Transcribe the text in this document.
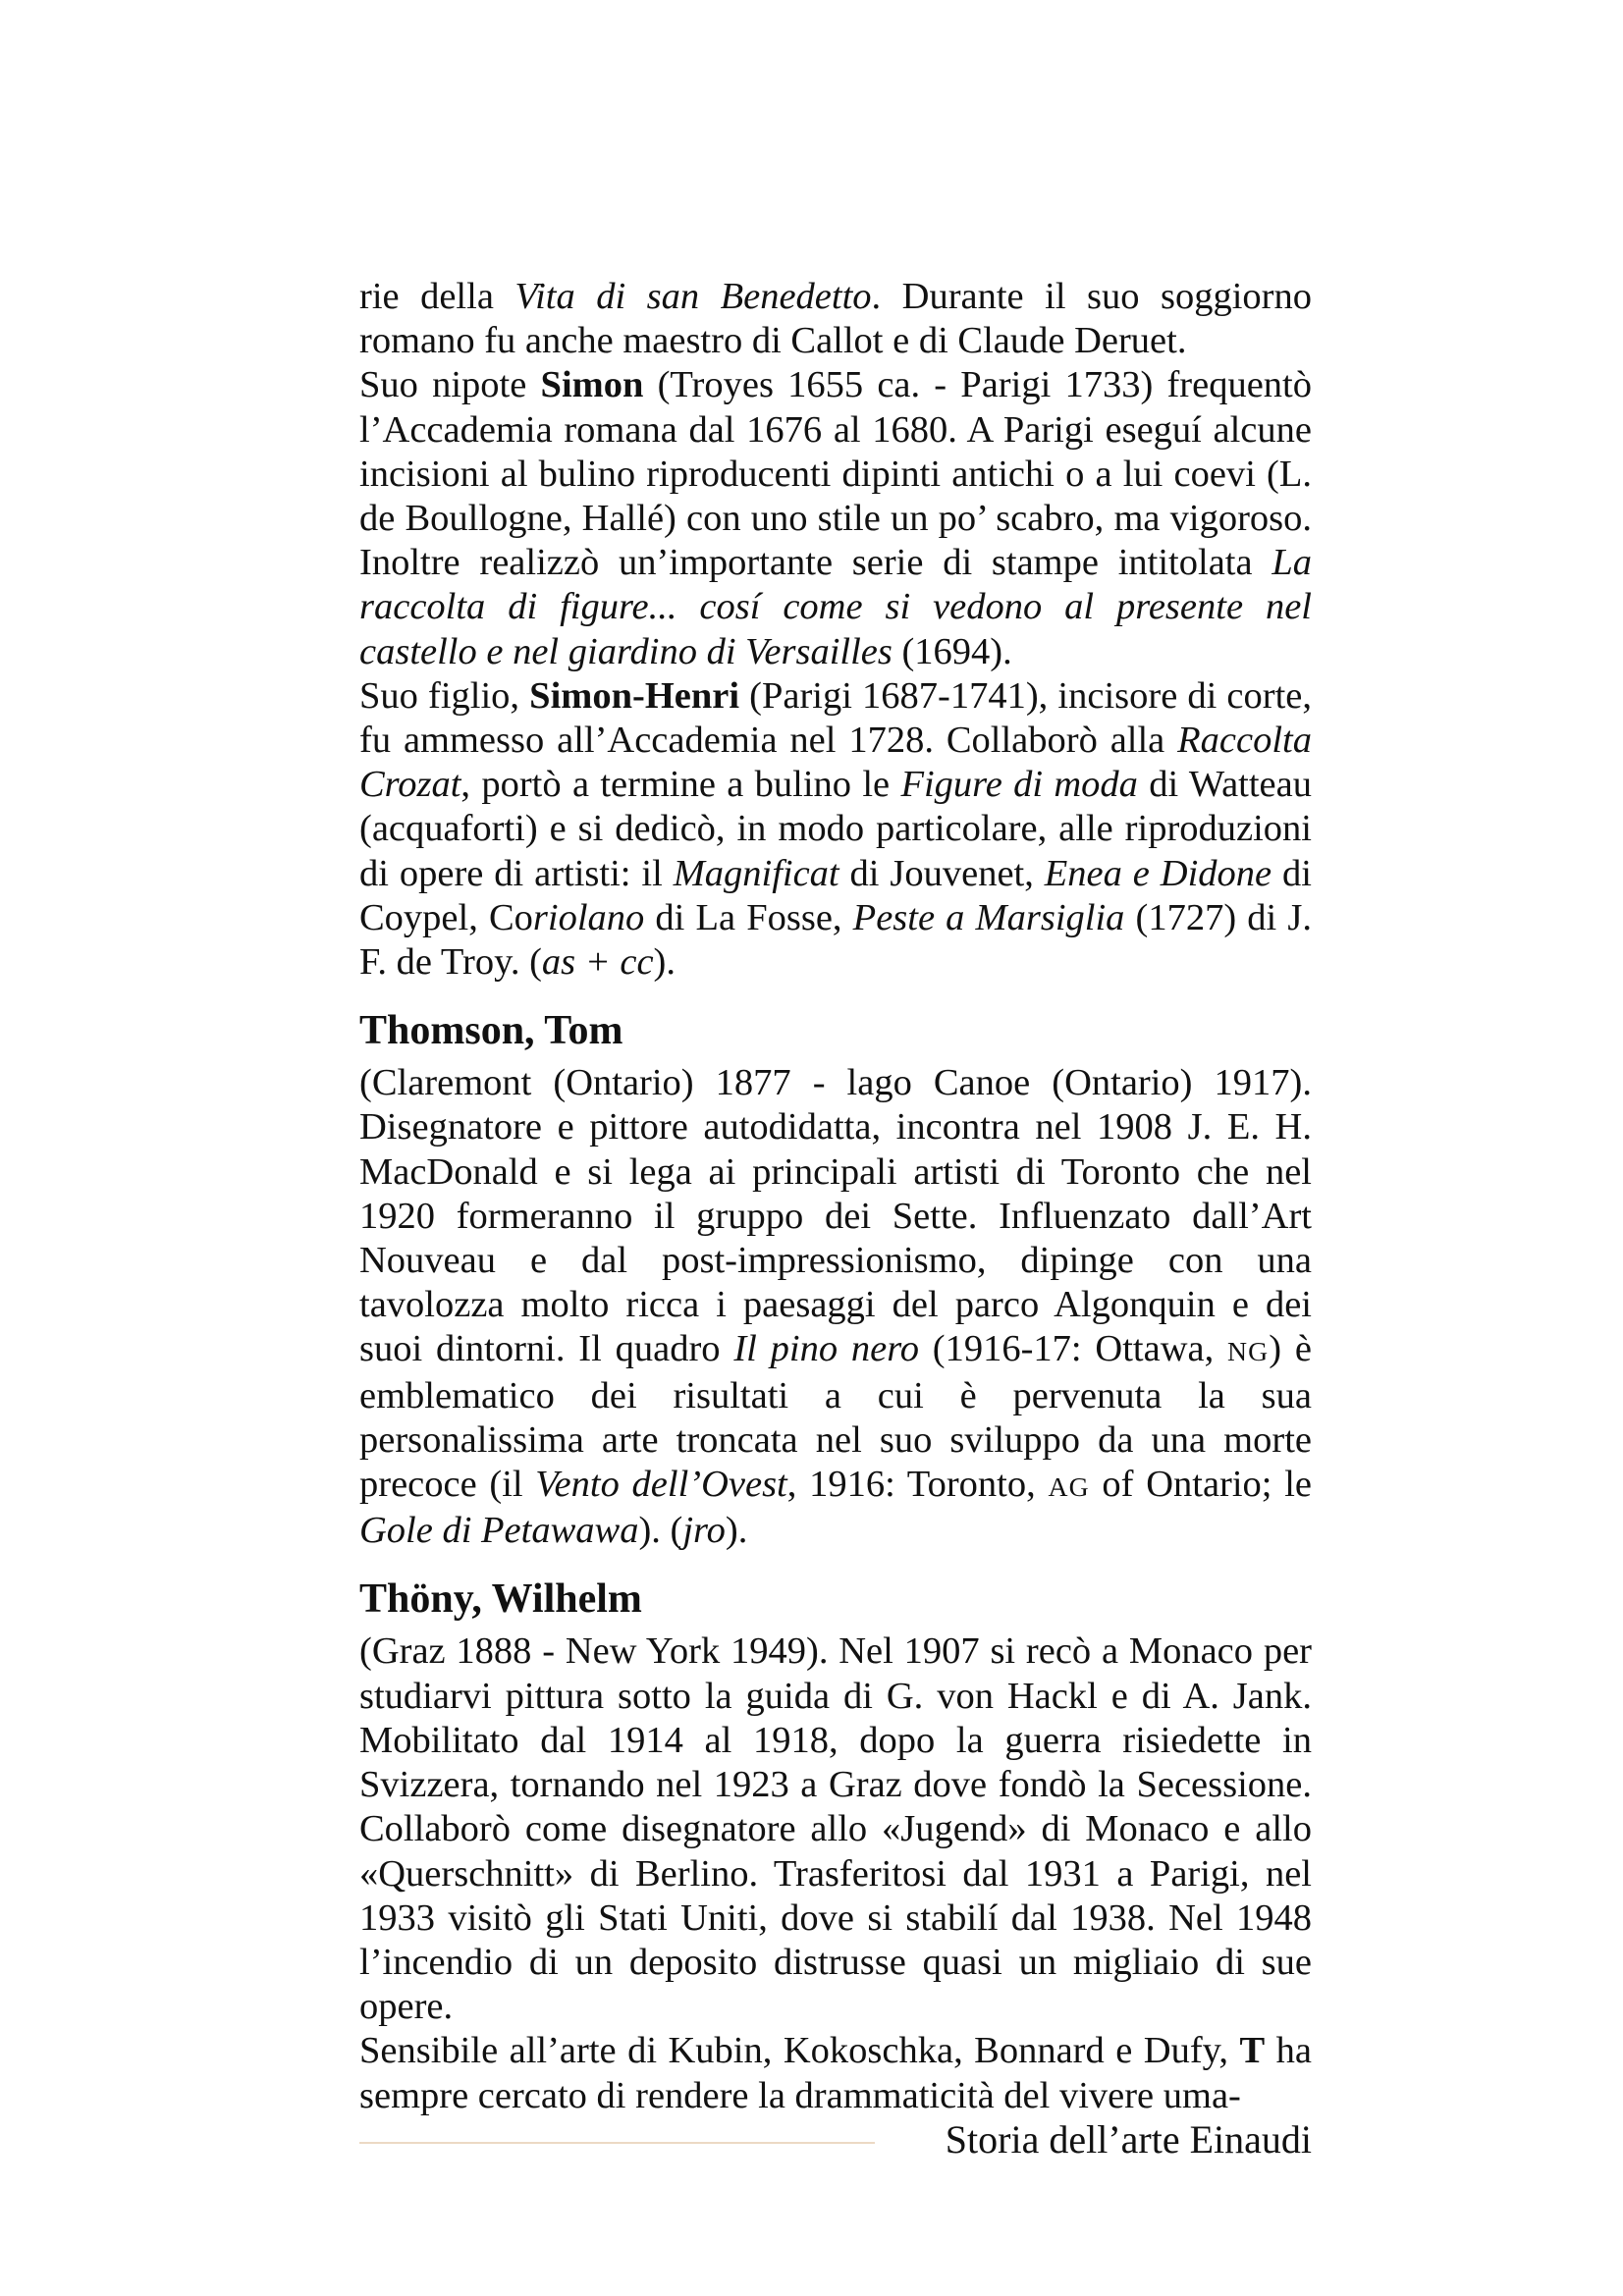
rie della Vita di san Benedetto. Durante il suo soggiorno romano fu anche maestro di Callot e di Claude Deruet.

Suo nipote Simon (Troyes 1655 ca. - Parigi 1733) frequentò l’Accademia romana dal 1676 al 1680. A Parigi eseguí alcune incisioni al bulino riproducenti dipinti antichi o a lui coevi (L. de Boullogne, Hallé) con uno stile un po’ scabro, ma vigoroso. Inoltre realizzò un’importante serie di stampe intitolata La raccolta di figure... cosí come si vedono al presente nel castello e nel giardino di Versailles (1694).

Suo figlio, Simon-Henri (Parigi 1687-1741), incisore di corte, fu ammesso all’Accademia nel 1728. Collaborò alla Raccolta Crozat, portò a termine a bulino le Figure di moda di Watteau (acquaforti) e si dedicò, in modo particolare, alle riproduzioni di opere di artisti: il Magnificat di Jouvenet, Enea e Didone di Coypel, Coriolano di La Fosse, Peste a Marsiglia (1727) di J. F. de Troy. (as + cc).

Thomson, Tom

(Claremont (Ontario) 1877 - lago Canoe (Ontario) 1917). Disegnatore e pittore autodidatta, incontra nel 1908 J. E. H. MacDonald e si lega ai principali artisti di Toronto che nel 1920 formeranno il gruppo dei Sette. Influenzato dall’Art Nouveau e dal post-impressionismo, dipinge con una tavolozza molto ricca i paesaggi del parco Algonquin e dei suoi dintorni. Il quadro Il pino nero (1916-17: Ottawa, NG) è emblematico dei risultati a cui è pervenuta la sua personalissima arte troncata nel suo sviluppo da una morte precoce (il Vento dell’Ovest, 1916: Toronto, AG of Ontario; le Gole di Petawawa). (jro).

Thöny, Wilhelm

(Graz 1888 - New York 1949). Nel 1907 si recò a Monaco per studiarvi pittura sotto la guida di G. von Hackl e di A. Jank. Mobilitato dal 1914 al 1918, dopo la guerra risiedette in Svizzera, tornando nel 1923 a Graz dove fondò la Secessione. Collaborò come disegnatore allo «Jugend» di Monaco e allo «Querschnitt» di Berlino. Trasferitosi dal 1931 a Parigi, nel 1933 visitò gli Stati Uniti, dove si stabilí dal 1938. Nel 1948 l’incendio di un deposito distrusse quasi un migliaio di sue opere.

Sensibile all’arte di Kubin, Kokoschka, Bonnard e Dufy, T ha sempre cercato di rendere la drammaticità del vivere uma-

Storia dell’arte Einaudi
